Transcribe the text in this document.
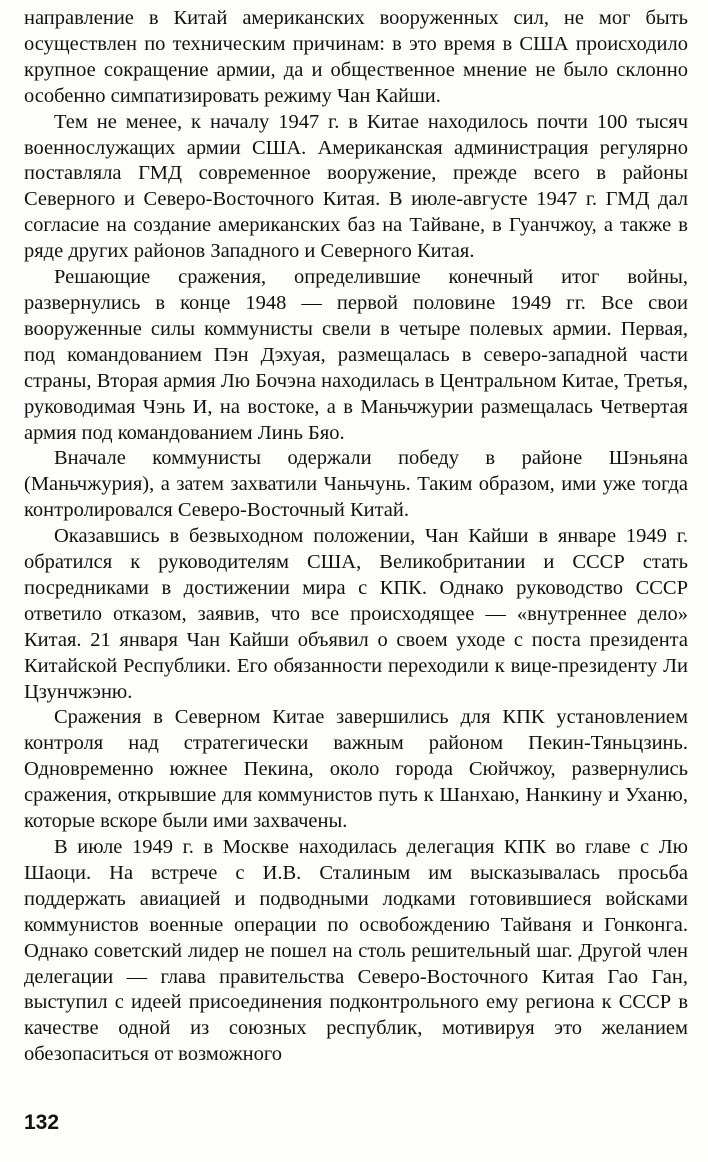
направление в Китай американских вооруженных сил, не мог быть осуществлен по техническим причинам: в это время в США происходило крупное сокращение армии, да и общественное мнение не было склонно особенно симпатизировать режиму Чан Кайши.

Тем не менее, к началу 1947 г. в Китае находилось почти 100 тысяч военнослужащих армии США. Американская администрация регулярно поставляла ГМД современное вооружение, прежде всего в районы Северного и Северо-Восточного Китая. В июле-августе 1947 г. ГМД дал согласие на создание американских баз на Тайване, в Гуанчжоу, а также в ряде других районов Западного и Северного Китая.

Решающие сражения, определившие конечный итог войны, развернулись в конце 1948 — первой половине 1949 гг. Все свои вооруженные силы коммунисты свели в четыре полевых армии. Первая, под командованием Пэн Дэхуая, размещалась в северо-западной части страны, Вторая армия Лю Бочэна находилась в Центральном Китае, Третья, руководимая Чэнь И, на востоке, а в Маньчжурии размещалась Четвертая армия под командованием Линь Бяо.

Вначале коммунисты одержали победу в районе Шэньяна (Маньчжурия), а затем захватили Чаньчунь. Таким образом, ими уже тогда контролировался Северо-Восточный Китай.

Оказавшись в безвыходном положении, Чан Кайши в январе 1949 г. обратился к руководителям США, Великобритании и СССР стать посредниками в достижении мира с КПК. Однако руководство СССР ответило отказом, заявив, что все происходящее — «внутреннее дело» Китая. 21 января Чан Кайши объявил о своем уходе с поста президента Китайской Республики. Его обязанности переходили к вице-президенту Ли Цзунчжэню.

Сражения в Северном Китае завершились для КПК установлением контроля над стратегически важным районом Пекин-Тяньцзинь. Одновременно южнее Пекина, около города Сюйчжоу, развернулись сражения, открывшие для коммунистов путь к Шанхаю, Нанкину и Уханю, которые вскоре были ими захвачены.

В июле 1949 г. в Москве находилась делегация КПК во главе с Лю Шаоци. На встрече с И.В. Сталиным им высказывалась просьба поддержать авиацией и подводными лодками готовившиеся войсками коммунистов военные операции по освобождению Тайваня и Гонконга. Однако советский лидер не пошел на столь решительный шаг. Другой член делегации — глава правительства Северо-Восточного Китая Гао Ган, выступил с идеей присоединения подконтрольного ему региона к СССР в качестве одной из союзных республик, мотивируя это желанием обезопаситься от возможного

132
